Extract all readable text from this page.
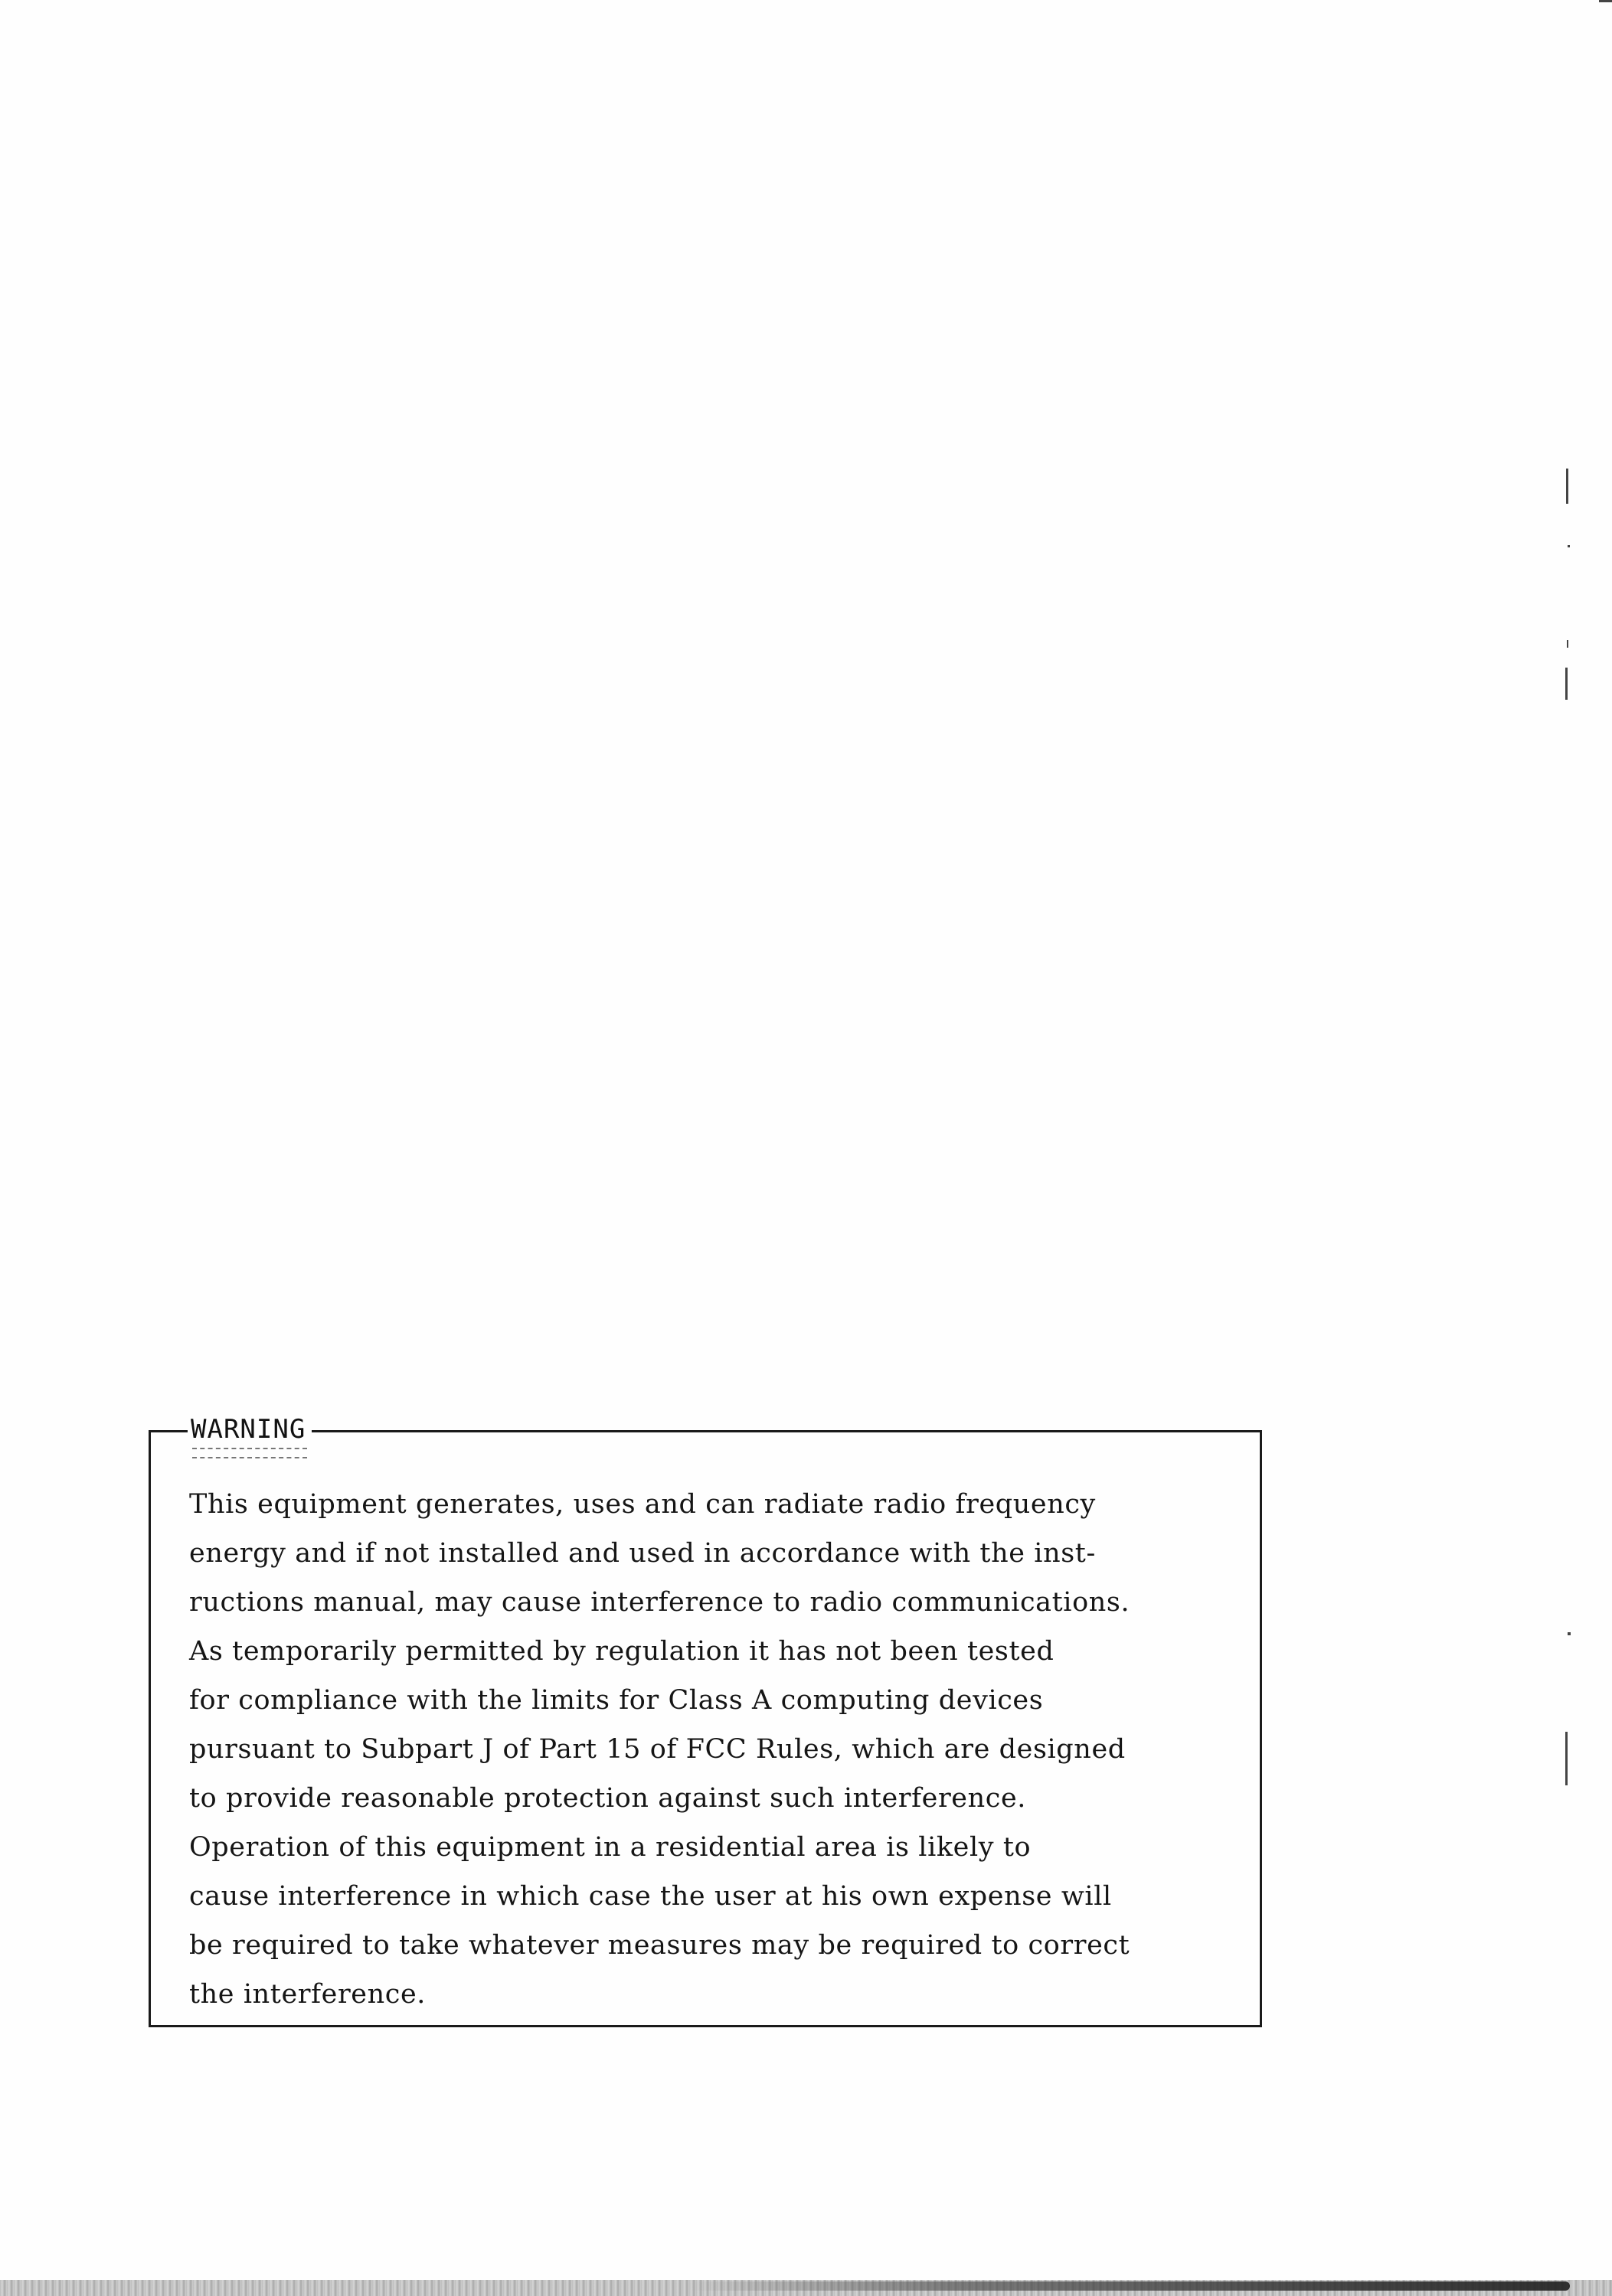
WARNING

This equipment generates, uses and can radiate radio frequency
energy and if not installed and used in accordance with the inst-
ructions manual, may cause interference to radio communications.
As temporarily permitted by regulation it has not been tested
for compliance with the limits for Class A computing devices
pursuant to Subpart J of Part 15 of FCC Rules, which are designed
to provide reasonable protection against such interference.
Operation of this equipment in a residential area is likely to
cause interference in which case the user at his own expense will
be required to take whatever measures may be required to correct
the interference.
